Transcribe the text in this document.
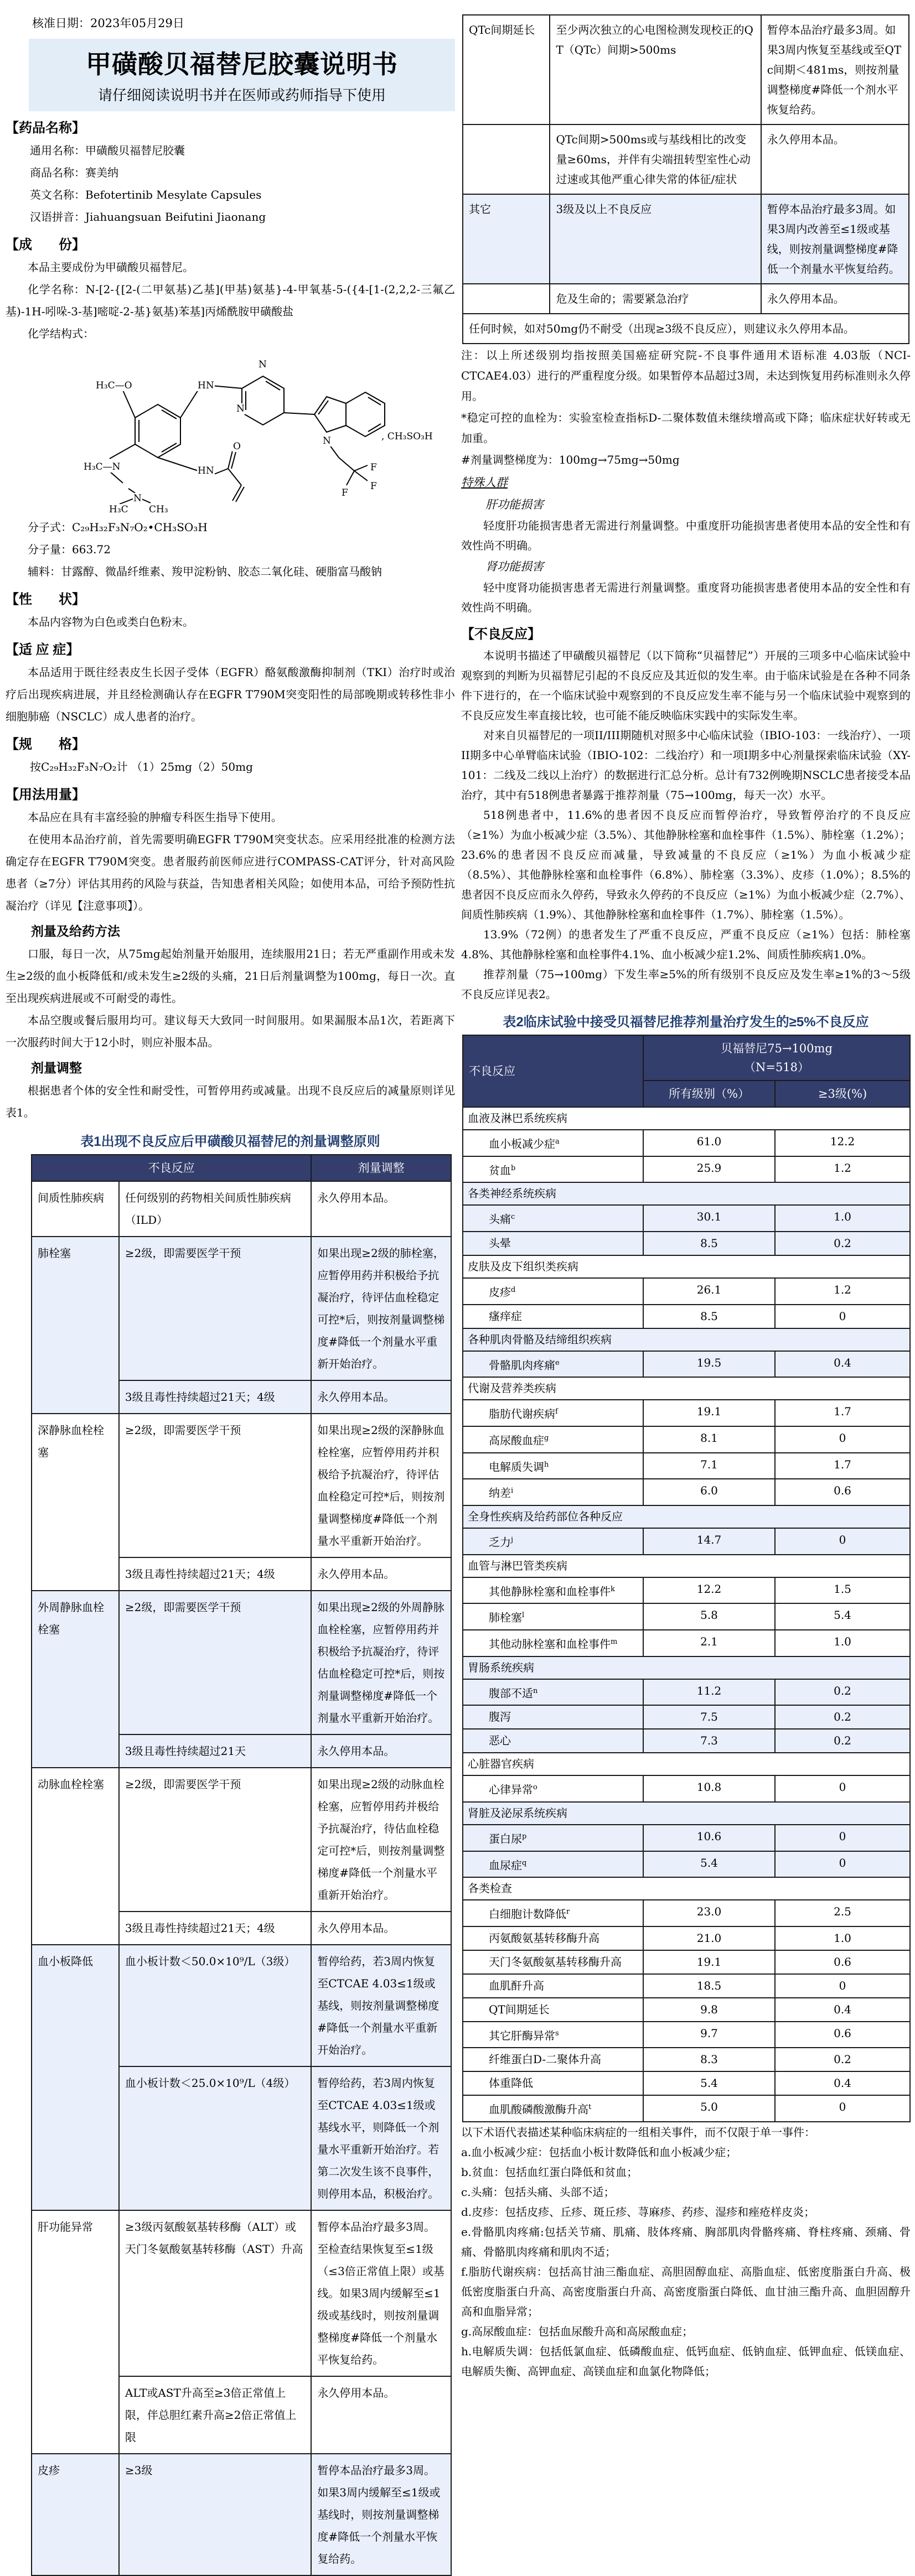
核准日期：2023年05月29日
甲磺酸贝福替尼胶囊说明书
请仔细阅读说明书并在医师或药师指导下使用
【药品名称】
通用名称：甲磺酸贝福替尼胶囊
商品名称：赛美纳
英文名称：Befotertinib Mesylate Capsules
汉语拼音：Jiahuangsuan Beifutini Jiaonang
【成　　份】

本品主要成份为甲磺酸贝福替尼。

化学名称：N-[2-{[2-(二甲氨基)乙基](甲基)氨基}-4-甲氧基-5-({4-[1-(2,2,2-三氟乙基)-1H-吲哚-3-基]嘧啶-2-基}氨基)苯基]丙烯酰胺甲磺酸盐

化学结构式：

H₃C—O	HN
N
N
HN
O
H₃C—N
N
H₃C CH₃
N
F
F
F
, CH₃SO₃H

分子式：C₂₉H₃₂F₃N₇O₂•CH₃SO₃H

分子量：663.72

辅料：甘露醇、微晶纤维素、羧甲淀粉钠、胶态二氧化硅、硬脂富马酸钠

【性　　状】

本品内容物为白色或类白色粉末。

【适 应 症】

本品适用于既往经表皮生长因子受体（EGFR）酪氨酸激酶抑制剂（TKI）治疗时或治疗后出现疾病进展，并且经检测确认存在EGFR T790M突变阳性的局部晚期或转移性非小细胞肺癌（NSCLC）成人患者的治疗。

【规　　格】

按C₂₉H₃₂F₃N₇O₂计 （1）25mg（2）50mg

【用法用量】

本品应在具有丰富经验的肿瘤专科医生指导下使用。

在使用本品治疗前，首先需要明确EGFR T790M突变状态。应采用经批准的检测方法确定存在EGFR T790M突变。患者服药前医师应进行COMPASS-CAT评分，针对高风险患者（≥7分）评估其用药的风险与获益，告知患者相关风险；如使用本品，可给予预防性抗凝治疗（详见【注意事项】）。

剂量及给药方法

口服，每日一次，从75mg起始剂量开始服用，连续服用21日；若无严重副作用或未发生≥2级的血小板降低和/或未发生≥2级的头痛，21日后剂量调整为100mg，每日一次。直至出现疾病进展或不可耐受的毒性。

本品空腹或餐后服用均可。建议每天大致同一时间服用。如果漏服本品1次，若距离下一次服药时间大于12小时，则应补服本品。

剂量调整

根据患者个体的安全性和耐受性，可暂停用药或减量。出现不良反应后的减量原则详见表1。

表1出现不良反应后甲磺酸贝福替尼的剂量调整原则
不良反应		剂量调整
间质性肺疾病	任何级别的药物相关间质性肺疾病（ILD）	永久停用本品。
肺栓塞	≥2级，即需要医学干预	如果出现≥2级的肺栓塞，应暂停用药并积极给予抗凝治疗，待评估血栓稳定可控*后，则按剂量调整梯度#降低一个剂量水平重新开始治疗。
	3级且毒性持续超过21天；4级	永久停用本品。
深静脉血栓栓塞	≥2级，即需要医学干预	如果出现≥2级的深静脉血栓栓塞，应暂停用药并积极给予抗凝治疗，待评估血栓稳定可控*后，则按剂量调整梯度#降低一个剂量水平重新开始治疗。
	3级且毒性持续超过21天；4级	永久停用本品。
外周静脉血栓栓塞	≥2级，即需要医学干预	如果出现≥2级的外周静脉血栓栓塞，应暂停用药并积极给予抗凝治疗，待评估血栓稳定可控*后，则按剂量调整梯度#降低一个剂量水平重新开始治疗。
	3级且毒性持续超过21天	永久停用本品。
动脉血栓栓塞	≥2级，即需要医学干预	如果出现≥2级的动脉血栓栓塞，应暂停用药并极给予抗凝治疗，待估血栓稳定可控*后，则按剂量调整梯度#降低一个剂量水平重新开始治疗。
	3级且毒性持续超过21天；4级	永久停用本品。
血小板降低	血小板计数＜50.0×10⁹/L（3级）	暂停给药，若3周内恢复至CTCAE 4.03≤1级或基线，则按剂量调整梯度#降低一个剂量水平重新开始治疗。
	血小板计数＜25.0×10⁹/L（4级）	暂停给药，若3周内恢复至CTCAE 4.03≤1级或基线水平，则降低一个剂量水平重新开始治疗。若第二次发生该不良事件，则停用本品，积极治疗。
肝功能异常	≥3级丙氨酸氨基转移酶（ALT）或天门冬氨酸氨基转移酶（AST）升高	暂停本品治疗最多3周。至检查结果恢复至≤1级（≤3倍正常值上限）或基线。如果3周内缓解至≤1级或基线时，则按剂量调整梯度#降低一个剂量水平恢复给药。
	ALT或AST升高至≥3倍正常值上限，伴总胆红素升高≥2倍正常值上限	永久停用本品。
皮疹	≥3级	暂停本品治疗最多3周。如果3周内缓解至≤1级或基线时，则按剂量调整梯度#降低一个剂量水平恢复给药。
QTc间期延长	至少两次独立的心电图检测发现校正的QT（QTc）间期>500ms	暂停本品治疗最多3周。如果3周内恢复至基线或至QTc间期＜481ms，则按剂量调整梯度#降低一个剂水平恢复给药。
	QTc间期>500ms或与基线相比的改变量≥60ms，并伴有尖端扭转型室性心动过速或其他严重心律失常的体征/症状	永久停用本品。
其它	3级及以上不良反应	暂停本品治疗最多3周。如果3周内改善至≤1级或基线，则按剂量调整梯度#降低一个剂量水平恢复给药。
	危及生命的；需要紧急治疗	永久停用本品。
任何时候，如对50mg仍不耐受（出现≥3级不良反应），则建议永久停用本品。		

注：以上所述级别均指按照美国癌症研究院-不良事件通用术语标准 4.03版（NCI-CTCAE4.03）进行的严重程度分级。如果暂停本品超过3周，未达到恢复用药标准则永久停用。

*稳定可控的血栓为：实验室检查指标D-二聚体数值未继续增高或下降；临床症状好转或无加重。

#剂量调整梯度为：100mg→75mg→50mg

特殊人群
肝功能损害

轻度肝功能损害患者无需进行剂量调整。中重度肝功能损害患者使用本品的安全性和有效性尚不明确。

肾功能损害

轻中度肾功能损害患者无需进行剂量调整。重度肾功能损害患者使用本品的安全性和有效性尚不明确。

【不良反应】

本说明书描述了甲磺酸贝福替尼（以下简称“贝福替尼”）开展的三项多中心临床试验中观察到的判断为贝福替尼引起的不良反应及其近似的发生率。由于临床试验是在各种不同条件下进行的，在一个临床试验中观察到的不良反应发生率不能与另一个临床试验中观察到的不良反应发生率直接比较，也可能不能反映临床实践中的实际发生率。

对来自贝福替尼的一项II/III期随机对照多中心临床试验（IBIO-103：一线治疗）、一项II期多中心单臂临床试验（IBIO-102：二线治疗）和一项I期多中心剂量探索临床试验（XY-101：二线及二线以上治疗）的数据进行汇总分析。总计有732例晚期NSCLC患者接受本品治疗，其中有518例患者暴露于推荐剂量（75→100mg，每天一次）水平。

518例患者中，11.6%的患者因不良反应而暂停治疗，导致暂停治疗的不良反应（≥1%）为血小板减少症（3.5%）、其他静脉栓塞和血栓事件（1.5%）、肺栓塞（1.2%）；23.6%的患者因不良反应而减量，导致减量的不良反应（≥1%）为血小板减少症（8.5%）、其他静脉栓塞和血栓事件（6.8%）、肺栓塞（3.3%）、皮疹（1.0%）；8.5%的患者因不良反应而永久停药，导致永久停药的不良反应（≥1%）为血小板减少症（2.7%）、间质性肺疾病（1.9%）、其他静脉栓塞和血栓事件（1.7%）、肺栓塞（1.5%）。

13.9%（72例）的患者发生了严重不良反应，严重不良反应（≥1%）包括：肺栓塞4.8%、其他静脉栓塞和血栓事件4.1%、血小板减少症1.2%、间质性肺疾病1.0%。

推荐剂量（75→100mg）下发生率≥5%的所有级别不良反应及发生率≥1%的3～5级不良反应详见表2。

表2临床试验中接受贝福替尼推荐剂量治疗发生的≥5%不良反应
不良反应	贝福替尼75→100mg
（N=518）	

	所有级别（%）	≥3级(%)
血液及淋巴系统疾病		
血小板减少症$^a$	61.0	12.2
贫血$^b$	25.9	1.2
各类神经系统疾病		
头痛$^c$	30.1	1.0
头晕	8.5	0.2
皮肤及皮下组织类疾病		
皮疹$^d$	26.1	1.2
瘙痒症	8.5	0
各种肌肉骨骼及结缔组织疾病		
骨骼肌肉疼痛$^e$	19.5	0.4
代谢及营养类疾病		
脂肪代谢疾病$^f$	19.1	1.7
高尿酸血症$^g$	8.1	0
电解质失调$^h$	7.1	1.7
纳差$^i$	6.0	0.6
全身性疾病及给药部位各种反应		
乏力$^j$	14.7	0
血管与淋巴管类疾病		
其他静脉栓塞和血栓事件$^k$	12.2	1.5
肺栓塞$^l$	5.8	5.4
其他动脉栓塞和血栓事件$^m$	2.1	1.0
胃肠系统疾病		
腹部不适$^n$	11.2	0.2
腹泻	7.5	0.2
恶心	7.3	0.2
心脏器官疾病		
心律异常$^o$	10.8	0
肾脏及泌尿系统疾病		
蛋白尿$^p$	10.6	0
血尿症$^q$	5.4	0
各类检查		
白细胞计数降低$^r$	23.0	2.5
丙氨酸氨基转移酶升高	21.0	1.0
天门冬氨酸氨基转移酶升高	19.1	0.6
血肌酐升高	18.5	0
QT间期延长	9.8	0.4
其它肝酶异常$^s$	9.7	0.6
纤维蛋白D-二聚体升高	8.3	0.2
体重降低	5.4	0.4
血肌酸磷酸激酶升高$^t$	5.0	0

以下术语代表描述某种临床病症的一组相关事件，而不仅限于单一事件：

a.血小板减少症：包括血小板计数降低和血小板减少症；

b.贫血：包括血红蛋白降低和贫血；

c.头痛：包括头痛、头部不适；

d.皮疹：包括皮疹、丘疹、斑丘疹、荨麻疹、药疹、湿疹和痤疮样皮炎；

e.骨骼肌肉疼痛:包括关节痛、肌痛、肢体疼痛、胸部肌肉骨骼疼痛、脊柱疼痛、颈痛、骨痛、骨骼肌肉疼痛和肌肉不适；

f.脂肪代谢疾病：包括高甘油三酯血症、高胆固醇血症、高脂血症、低密度脂蛋白升高、极低密度脂蛋白升高、高密度脂蛋白升高、高密度脂蛋白降低、血甘油三酯升高、血胆固醇升高和血脂异常；

g.高尿酸血症：包括血尿酸升高和高尿酸血症；

h.电解质失调：包括低氯血症、低磷酸血症、低钙血症、低钠血症、低钾血症、低镁血症、电解质失衡、高钾血症、高镁血症和血氯化物降低；
